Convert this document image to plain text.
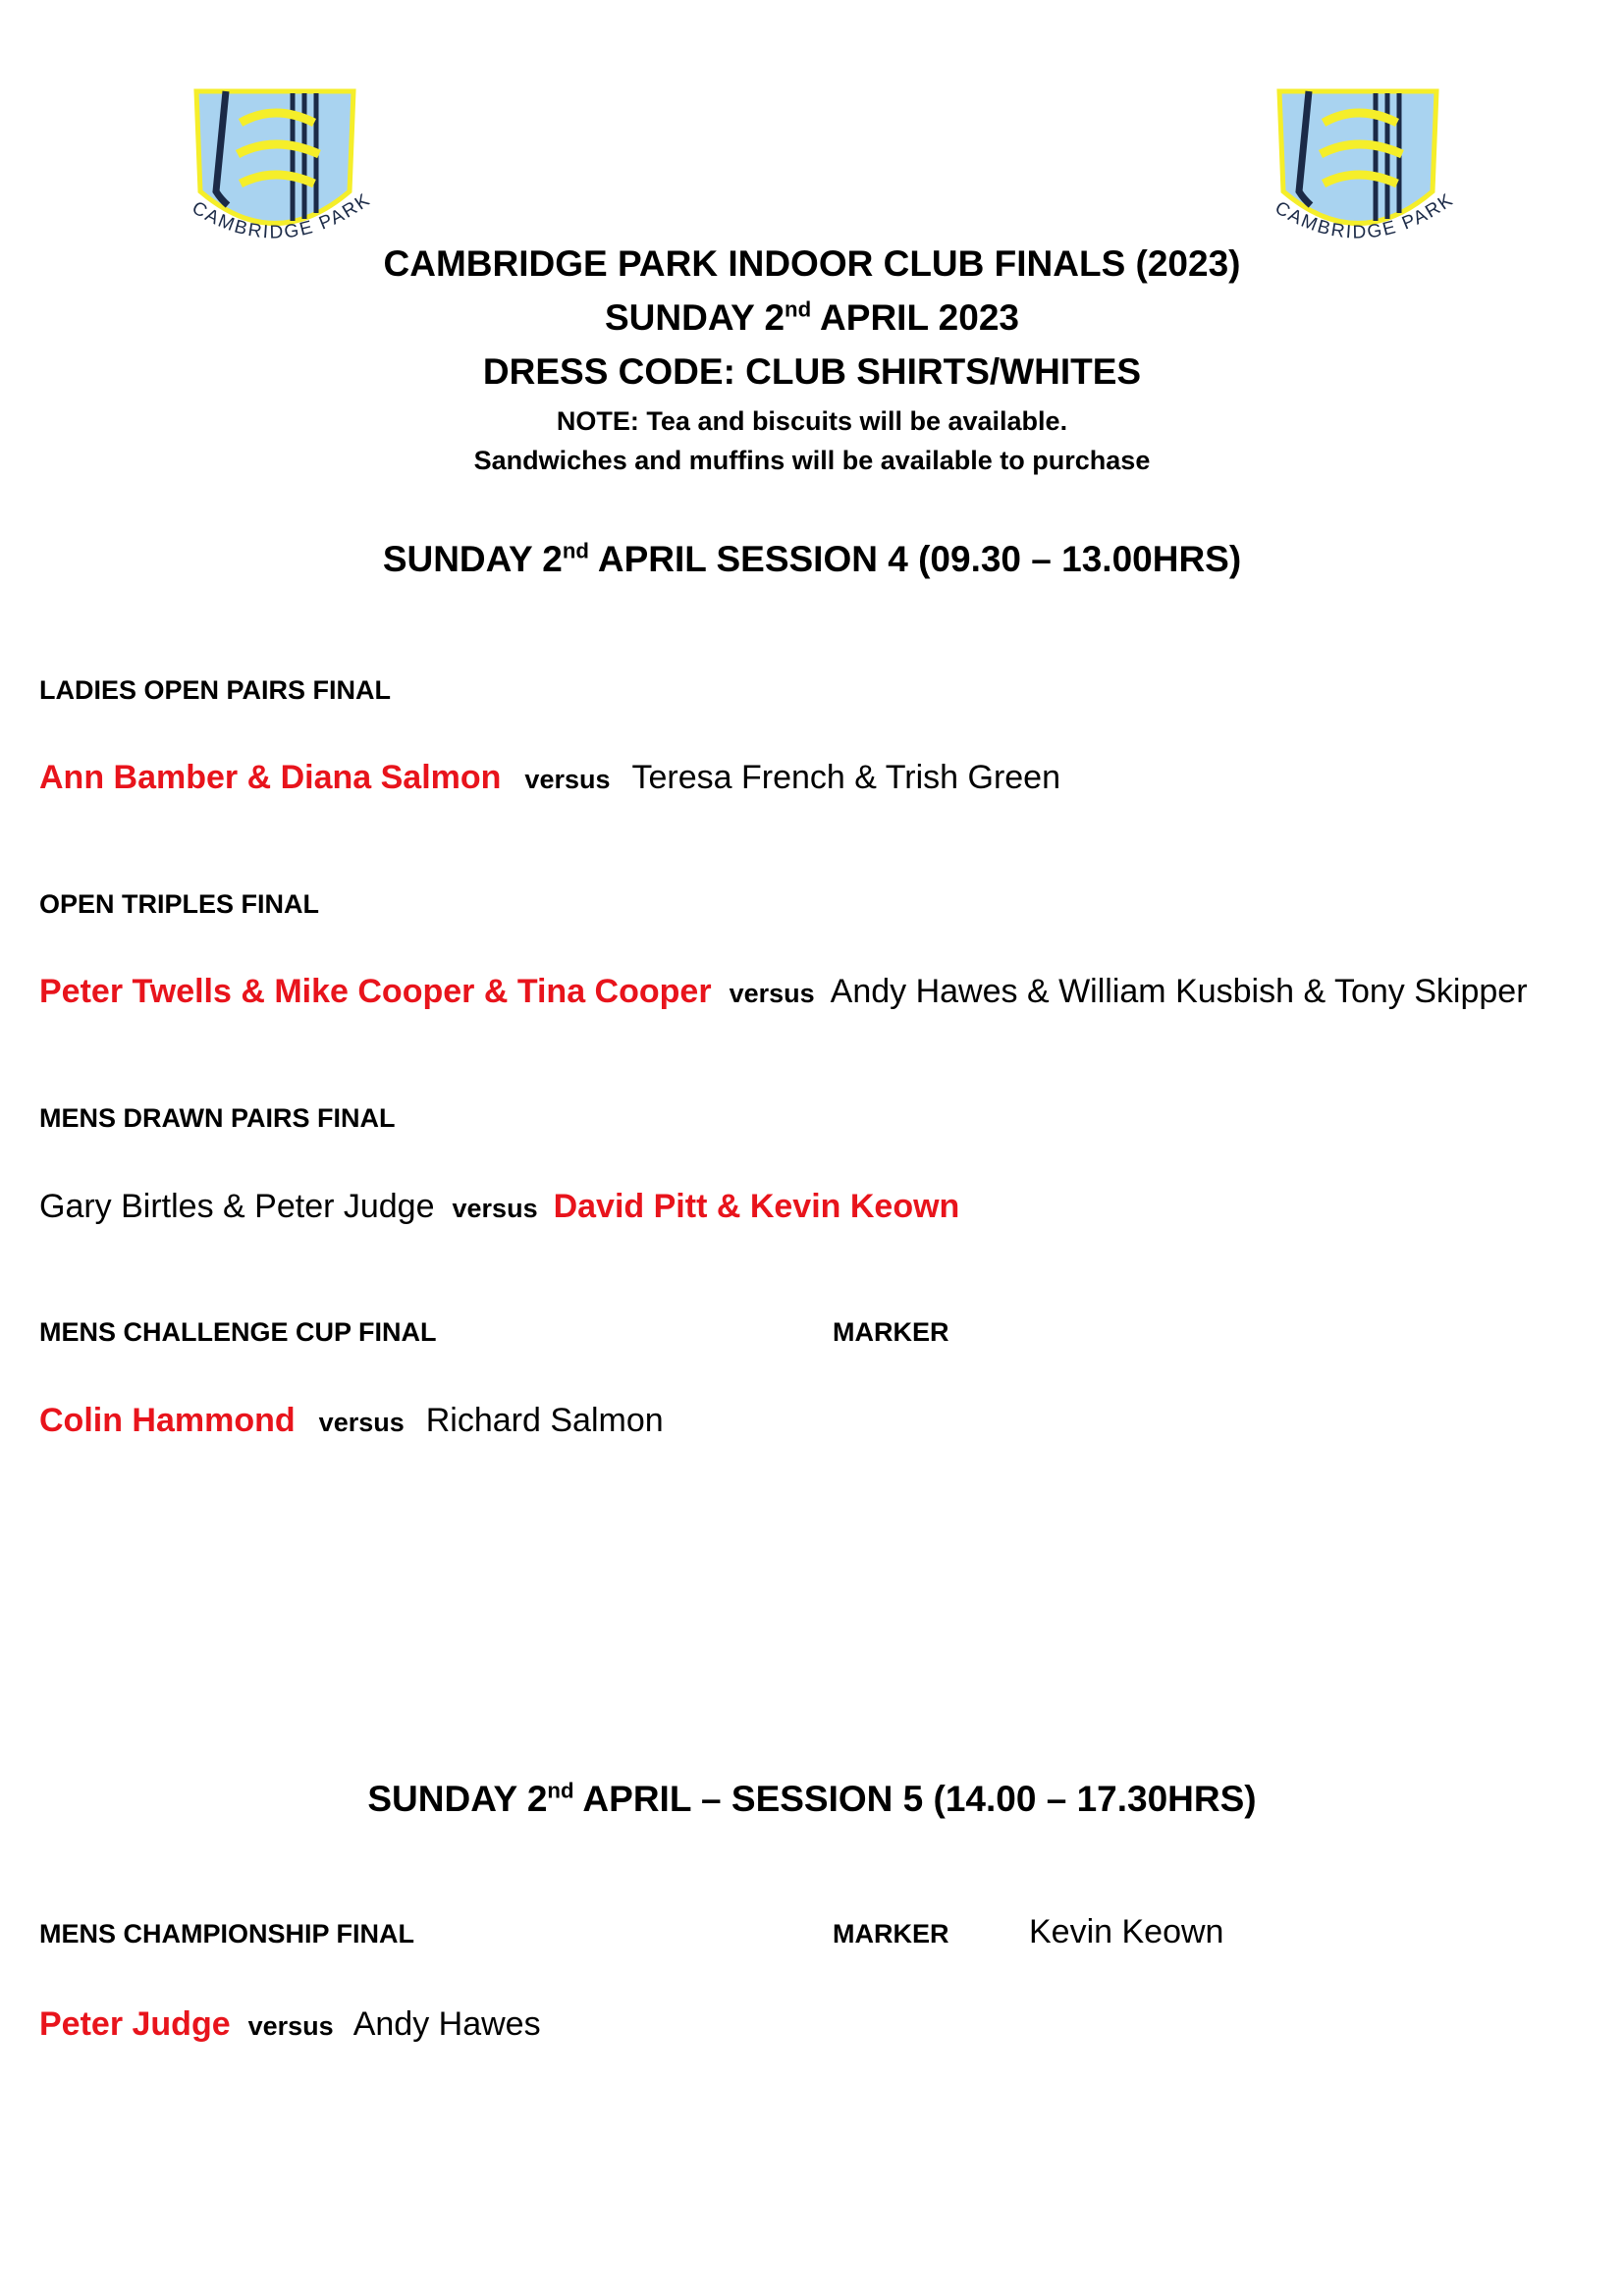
CAMBRIDGE PARK	CAMBRIDGE PARK
CAMBRIDGE PARK INDOOR CLUB FINALS (2023)
SUNDAY 2nd APRIL 2023
DRESS CODE: CLUB SHIRTS/WHITES
NOTE: Tea and biscuits will be available.
Sandwiches and muffins will be available to purchase
SUNDAY 2nd APRIL SESSION 4 (09.30 – 13.00HRS)
LADIES OPEN PAIRS FINAL
Ann Bamber & Diana Salmon versus Teresa French & Trish Green
OPEN TRIPLES FINAL
Peter Twells & Mike Cooper & Tina Cooper versus Andy Hawes & William Kusbish & Tony Skipper
MENS DRAWN PAIRS FINAL
Gary Birtles & Peter Judge versus David Pitt & Kevin Keown
MENS CHALLENGE CUP FINAL	MARKER
Colin Hammond versus Richard Salmon
SUNDAY 2nd APRIL – SESSION 5 (14.00 – 17.30HRS)
MENS CHAMPIONSHIP FINAL	MARKER Kevin Keown
Peter Judge versus Andy Hawes
